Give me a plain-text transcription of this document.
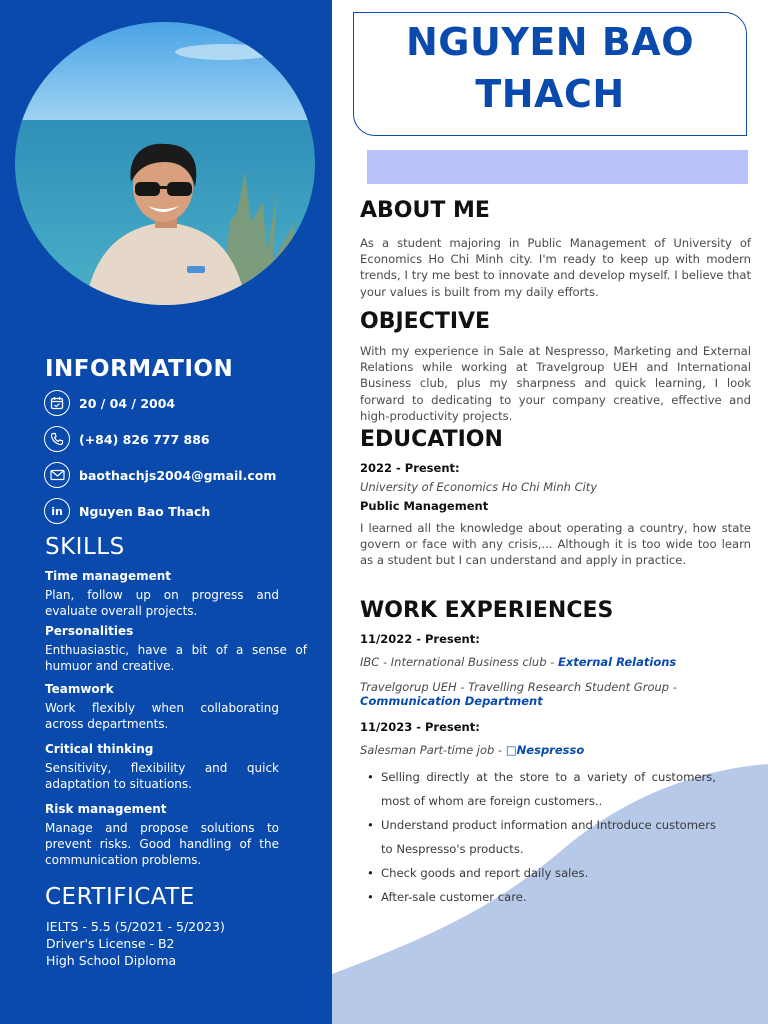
INFORMATION
20 / 04 / 2004
(+84) 826 777 886
baothachjs2004@gmail.com
in Nguyen Bao Thach
SKILLS
Time management
Plan, follow up on progress and evaluate overall projects.
Personalities
Enthuasiastic, have a bit of a sense of humuor and creative.
Teamwork
Work flexibly when collaborating across departments.
Critical thinking
Sensitivity, flexibility and quick adaptation to situations.
Risk management
Manage and propose solutions to prevent risks. Good handling of the communication problems.
CERTIFICATE
IELTS - 5.5 (5/2021 - 5/2023)
Driver's License - B2
High School Diploma
NGUYEN BAO
THACH
ABOUT ME
As a student majoring in Public Management of University of Economics Ho Chi Minh city. I'm ready to keep up with modern trends, I try me best to innovate and develop myself. I believe that your values is built from my daily efforts.
OBJECTIVE
With my experience in Sale at Nespresso, Marketing and External Relations while working at Travelgroup UEH and International Business club, plus my sharpness and quick learning, I look forward to dedicating to your company creative, effective and high-productivity projects.
EDUCATION
2022 - Present:
University of Economics Ho Chi Minh City
Public Management
I learned all the knowledge about operating a country, how state govern or face with any crisis,... Although it is too wide too learn as a student but I can understand and apply in practice.
WORK EXPERIENCES
11/2022 - Present:
IBC - International Business club - External Relations
Travelgorup UEH - Travelling Research Student Group -
Communication Department
11/2023 - Present:
Salesman Part-time job - □Nespresso
• Selling directly at the store to a variety of customers, most of whom are foreign customers..
• Understand product information and Introduce customers to Nespresso's products.
• Check goods and report daily sales.
• After-sale customer care.
